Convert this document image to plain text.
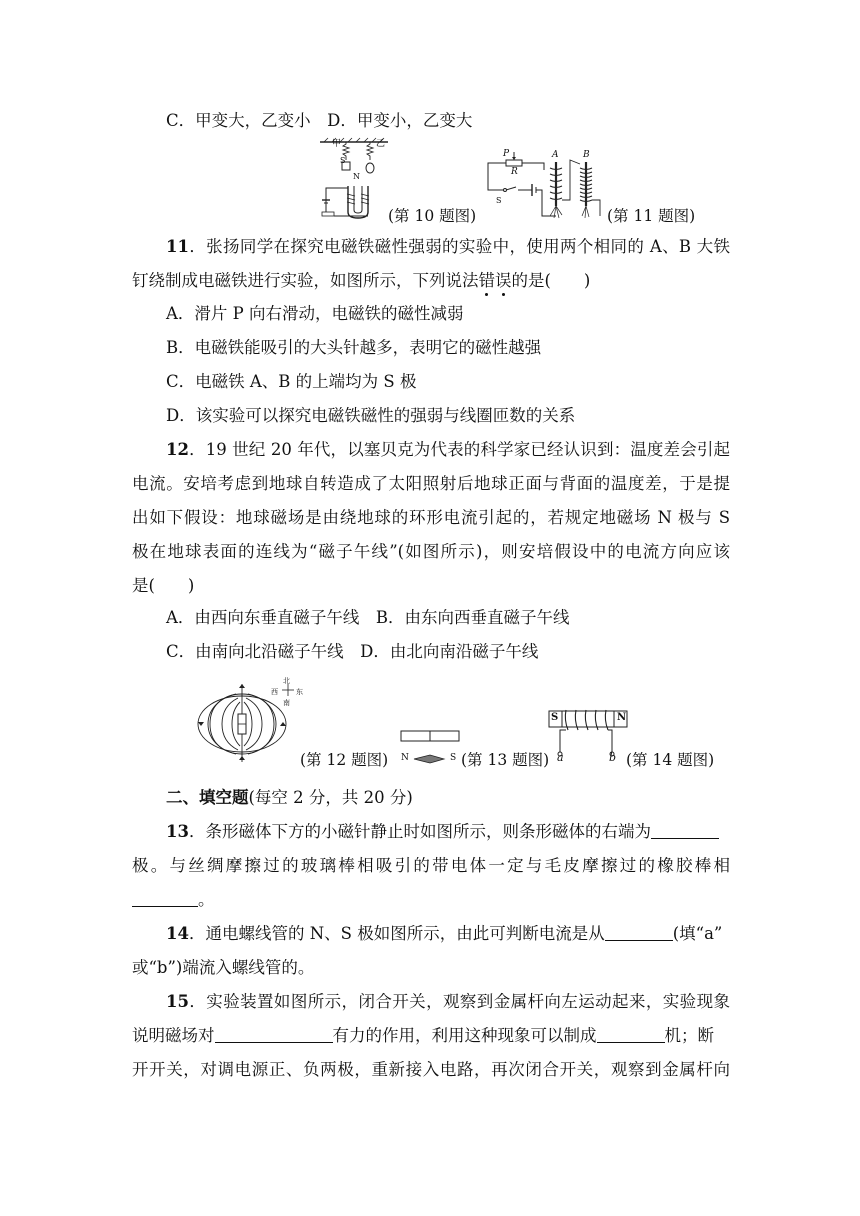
C．甲变大，乙变小　D．甲变小，乙变大
甲	乙
S
N
(第 10 题图)
P
R
A	B
S
(第 11 题图)
11．张扬同学在探究电磁铁磁性强弱的实验中，使用两个相同的 A、B 大铁
钉绕制成电磁铁进行实验，如图所示，下列说法错误的是(　　)
A．滑片 P 向右滑动，电磁铁的磁性减弱
B．电磁铁能吸引的大头针越多，表明它的磁性越强
C．电磁铁 A、B 的上端均为 S 极
D．该实验可以探究电磁铁磁性的强弱与线圈匝数的关系
12．19 世纪 20 年代，以塞贝克为代表的科学家已经认识到：温度差会引起
电流。安培考虑到地球自转造成了太阳照射后地球正面与背面的温度差，于是提
出如下假设：地球磁场是由绕地球的环形电流引起的，若规定地磁场 N 极与 S
极在地球表面的连线为“磁子午线”(如图所示)，则安培假设中的电流方向应该
是(　　)
A．由西向东垂直磁子午线　B．由东向西垂直磁子午线
C．由南向北沿磁子午线　D．由北向南沿磁子午线
北
南
西	东
(第 12 题图) N	S (第 13 题图)
S	N
a	b (第 14 题图)
二、填空题(每空 2 分，共 20 分)
13．条形磁体下方的小磁针静止时如图所示，则条形磁体的右端为
极。与丝绸摩擦过的玻璃棒相吸引的带电体一定与毛皮摩擦过的橡胶棒相
。
14．通电螺线管的 N、S 极如图所示，由此可判断电流是从	(填“a”
或“b”)端流入螺线管的。
15．实验装置如图所示，闭合开关，观察到金属杆向左运动起来，实验现象
说明磁场对	有力的作用，利用这种现象可以制成	机；断
开开关，对调电源正、负两极，重新接入电路，再次闭合开关，观察到金属杆向
